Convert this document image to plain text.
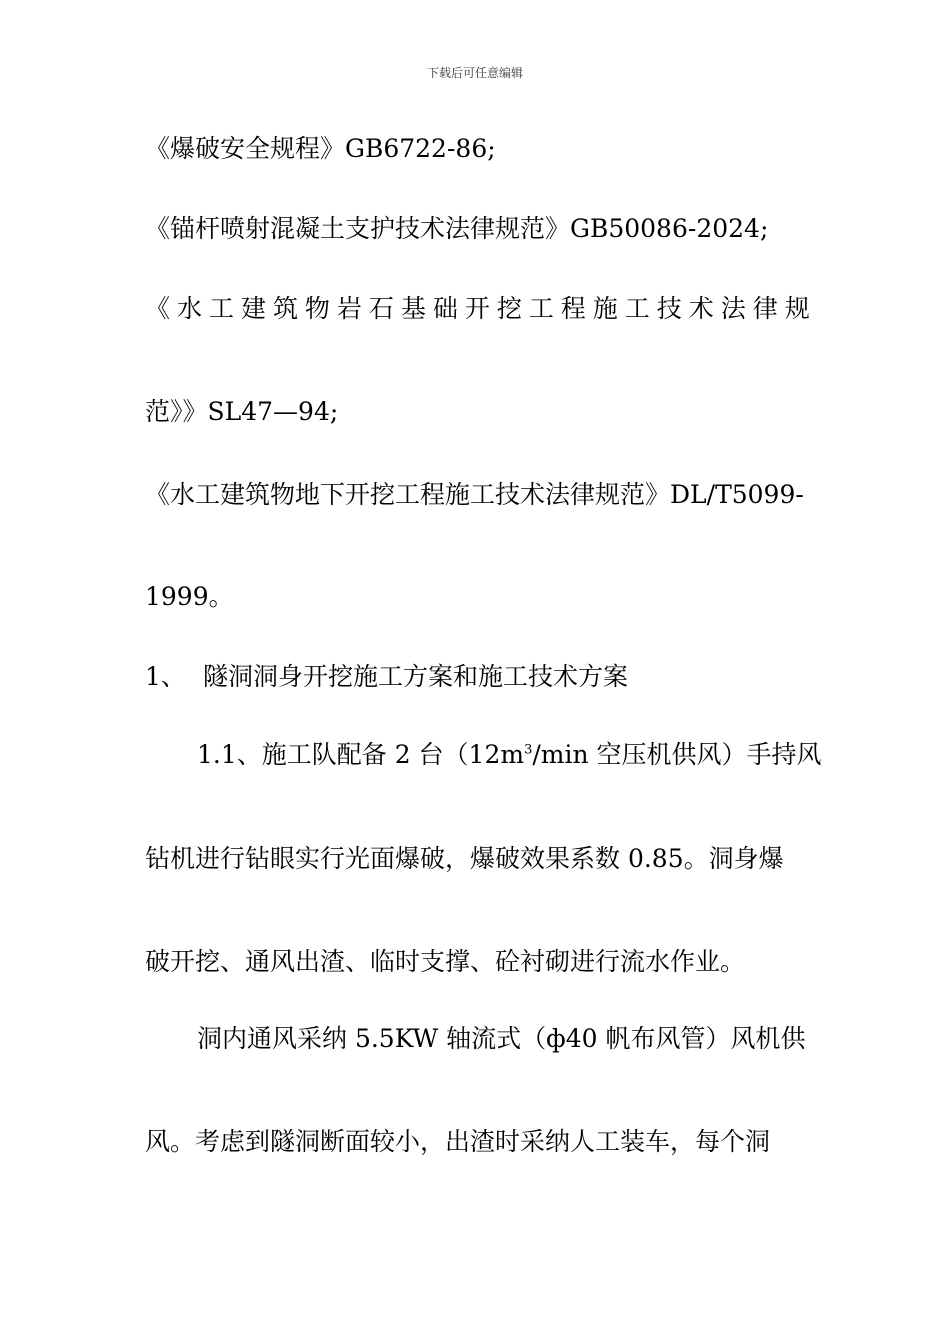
下载后可任意编辑
《爆破安全规程》GB6722-86;
《锚杆喷射混凝土支护技术法律规范》GB50086-2024;
《 水 工 建 筑 物 岩 石 基 础 开 挖 工 程 施 工 技 术 法 律 规
范》》SL47—94;
《水工建筑物地下开挖工程施工技术法律规范》DL/T5099-
1999。
1、 隧洞洞身开挖施工方案和施工技术方案
1.1、施工队配备 2 台（$12m^3/\min$ 空压机供风）手持风
钻机进行钻眼实行光面爆破，爆破效果系数 0.85。洞身爆
破开挖、通风出渣、临时支撑、砼衬砌进行流水作业。
洞内通风采纳 5.5KW 轴流式（ф40 帆布风管）风机供
风。考虑到隧洞断面较小，出渣时采纳人工装车，每个洞
